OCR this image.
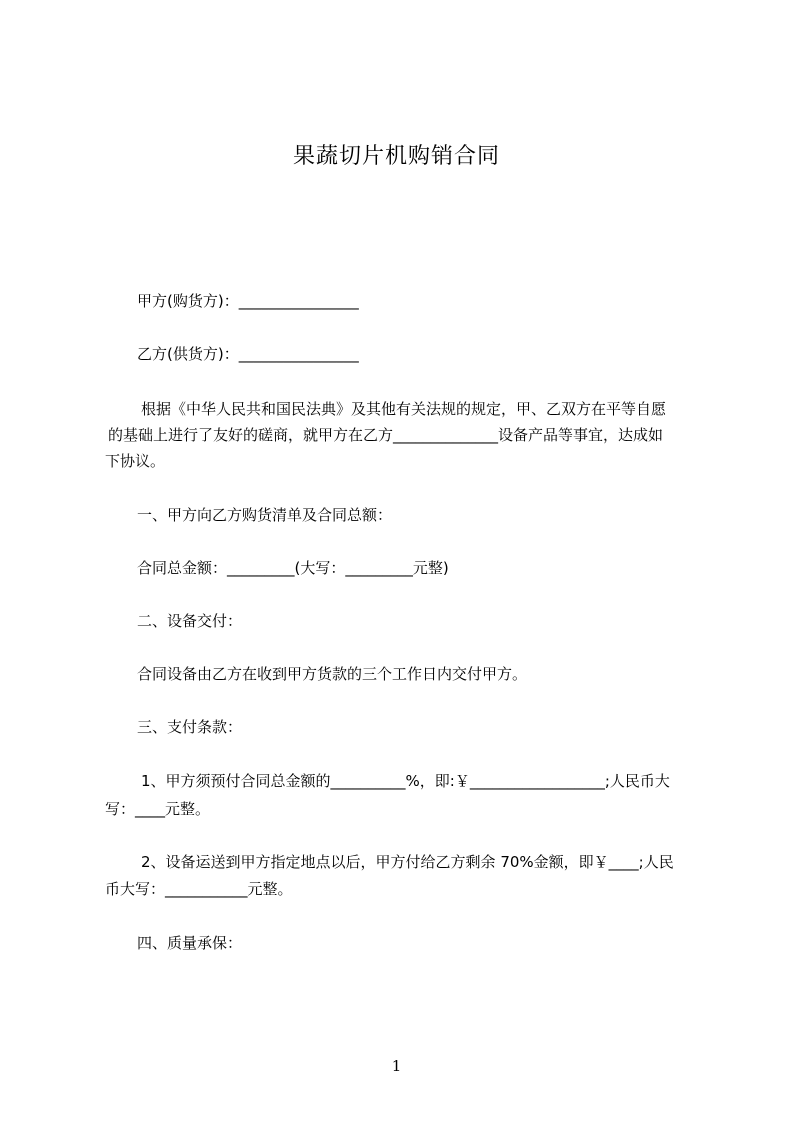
果蔬切片机购销合同
甲方(购货方)：________________
乙方(供货方)：________________
根据《中华人民共和国民法典》及其他有关法规的规定，甲、乙双方在平等自愿
的基础上进行了友好的磋商，就甲方在乙方______________设备产品等事宜，达成如
下协议。
一、甲方向乙方购货清单及合同总额：
合同总金额：_________(大写：_________元整)
二、设备交付：
合同设备由乙方在收到甲方货款的三个工作日内交付甲方。
三、支付条款：
1、甲方须预付合同总金额的__________%，即:￥__________________;人民币大
写：____元整。
2、设备运送到甲方指定地点以后，甲方付给乙方剩余 70%金额，即￥____;人民
币大写：___________元整。
四、质量承保：
1
